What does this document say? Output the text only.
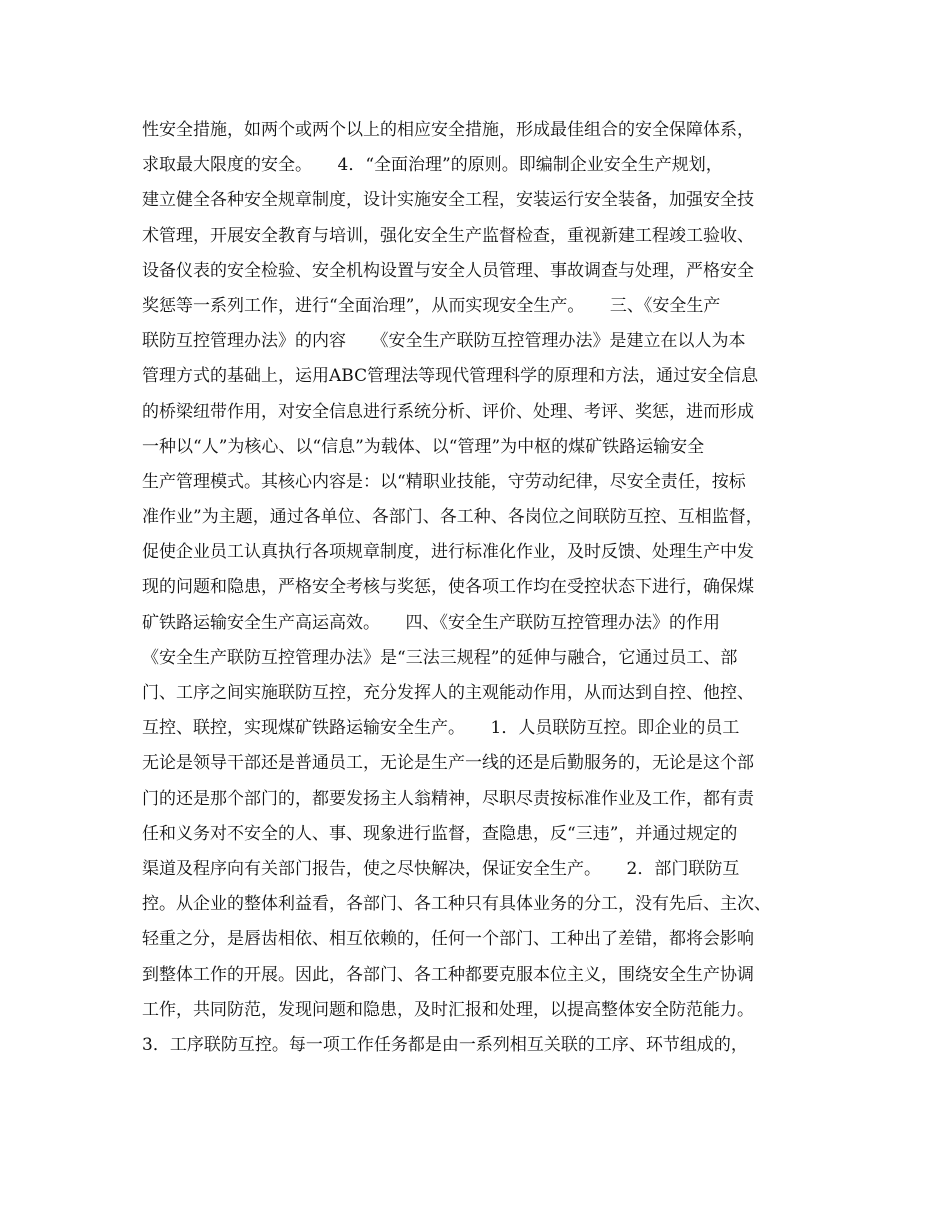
性安全措施，如两个或两个以上的相应安全措施，形成最佳组合的安全保障体系，
求取最大限度的安全。　　4．“全面治理”的原则。即编制企业安全生产规划，
建立健全各种安全规章制度，设计实施安全工程，安装运行安全装备，加强安全技
术管理，开展安全教育与培训，强化安全生产监督检查，重视新建工程竣工验收、
设备仪表的安全检验、安全机构设置与安全人员管理、事故调查与处理，严格安全
奖惩等一系列工作，进行“全面治理”，从而实现安全生产。　　三、《安全生产
联防互控管理办法》的内容　　《安全生产联防互控管理办法》是建立在以人为本
管理方式的基础上，运用ABC管理法等现代管理科学的原理和方法，通过安全信息
的桥梁纽带作用，对安全信息进行系统分析、评价、处理、考评、奖惩，进而形成
一种以“人”为核心、以“信息”为载体、以“管理”为中枢的煤矿铁路运输安全
生产管理模式。其核心内容是：以“精职业技能，守劳动纪律，尽安全责任，按标
准作业”为主题，通过各单位、各部门、各工种、各岗位之间联防互控、互相监督，
促使企业员工认真执行各项规章制度，进行标准化作业，及时反馈、处理生产中发
现的问题和隐患，严格安全考核与奖惩，使各项工作均在受控状态下进行，确保煤
矿铁路运输安全生产高运高效。　　四、《安全生产联防互控管理办法》的作用
《安全生产联防互控管理办法》是“三法三规程”的延伸与融合，它通过员工、部
门、工序之间实施联防互控，充分发挥人的主观能动作用，从而达到自控、他控、
互控、联控，实现煤矿铁路运输安全生产。　　1．人员联防互控。即企业的员工
无论是领导干部还是普通员工，无论是生产一线的还是后勤服务的，无论是这个部
门的还是那个部门的，都要发扬主人翁精神，尽职尽责按标准作业及工作，都有责
任和义务对不安全的人、事、现象进行监督，查隐患，反“三违”，并通过规定的
渠道及程序向有关部门报告，使之尽快解决，保证安全生产。　　2．部门联防互
控。从企业的整体利益看，各部门、各工种只有具体业务的分工，没有先后、主次、
轻重之分，是唇齿相依、相互依赖的，任何一个部门、工种出了差错，都将会影响
到整体工作的开展。因此，各部门、各工种都要克服本位主义，围绕安全生产协调
工作，共同防范，发现问题和隐患，及时汇报和处理，以提高整体安全防范能力。
3．工序联防互控。每一项工作任务都是由一系列相互关联的工序、环节组成的，
